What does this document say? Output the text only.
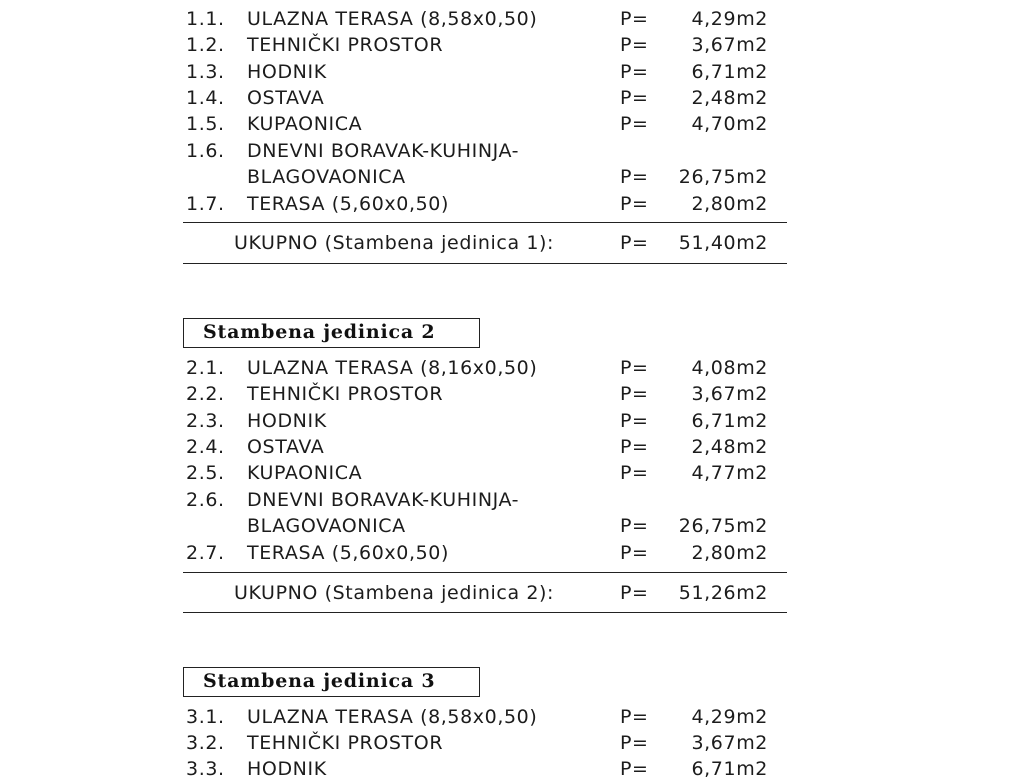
1.1. ULAZNA TERASA (8,58x0,50)	P= 4,29m2
1.2. TEHNIČKI PROSTOR	P= 3,67m2
1.3. HODNIK	P= 6,71m2
1.4. OSTAVA	P= 2,48m2
1.5. KUPAONICA	P= 4,70m2
1.6. DNEVNI BORAVAK-KUHINJA-
BLAGOVAONICA	P= 26,75m2
1.7. TERASA (5,60x0,50)	P= 2,80m2
UKUPNO (Stambena jedinica 1):	P= 51,40m2
Stambena jedinica 2
2.1. ULAZNA TERASA (8,16x0,50)	P= 4,08m2
2.2. TEHNIČKI PROSTOR	P= 3,67m2
2.3. HODNIK	P= 6,71m2
2.4. OSTAVA	P= 2,48m2
2.5. KUPAONICA	P= 4,77m2
2.6. DNEVNI BORAVAK-KUHINJA-
BLAGOVAONICA	P= 26,75m2
2.7. TERASA (5,60x0,50)	P= 2,80m2
UKUPNO (Stambena jedinica 2):	P= 51,26m2
Stambena jedinica 3
3.1. ULAZNA TERASA (8,58x0,50)	P= 4,29m2
3.2. TEHNIČKI PROSTOR	P= 3,67m2
3.3. HODNIK	P= 6,71m2
